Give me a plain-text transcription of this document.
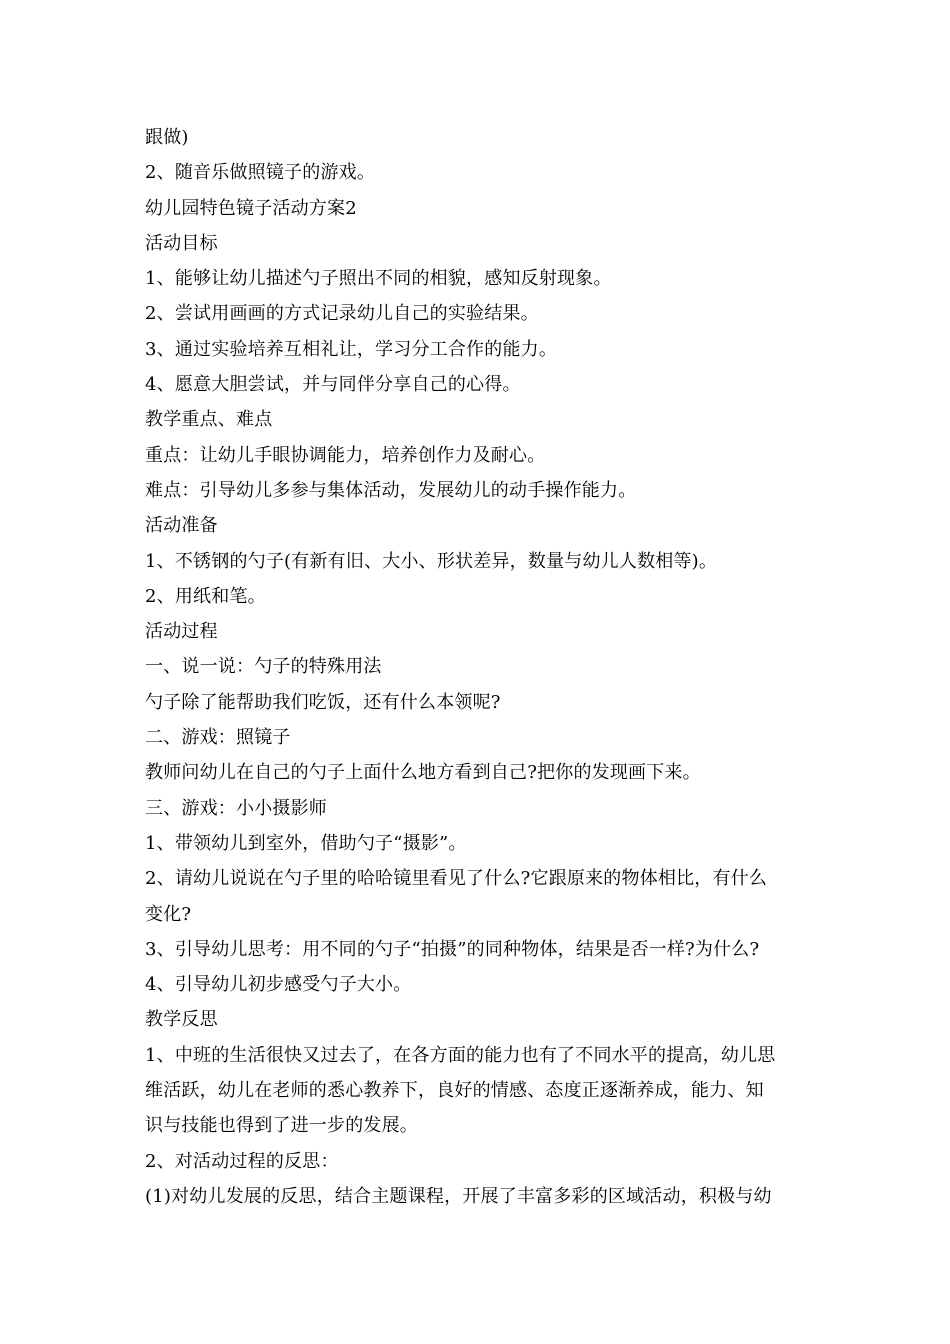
跟做)
2、随音乐做照镜子的游戏。
幼儿园特色镜子活动方案2
活动目标
1、能够让幼儿描述勺子照出不同的相貌，感知反射现象。
2、尝试用画画的方式记录幼儿自己的实验结果。
3、通过实验培养互相礼让，学习分工合作的能力。
4、愿意大胆尝试，并与同伴分享自己的心得。
教学重点、难点
重点：让幼儿手眼协调能力，培养创作力及耐心。
难点：引导幼儿多参与集体活动，发展幼儿的动手操作能力。
活动准备
1、不锈钢的勺子(有新有旧、大小、形状差异，数量与幼儿人数相等)。
2、用纸和笔。
活动过程
一、说一说：勺子的特殊用法
勺子除了能帮助我们吃饭，还有什么本领呢?
二、游戏：照镜子
教师问幼儿在自己的勺子上面什么地方看到自己?把你的发现画下来。
三、游戏：小小摄影师
1、带领幼儿到室外，借助勺子“摄影”。
2、请幼儿说说在勺子里的哈哈镜里看见了什么?它跟原来的物体相比，有什么
变化?
3、引导幼儿思考：用不同的勺子“拍摄”的同种物体，结果是否一样?为什么?
4、引导幼儿初步感受勺子大小。
教学反思
1、中班的生活很快又过去了，在各方面的能力也有了不同水平的提高，幼儿思
维活跃，幼儿在老师的悉心教养下，良好的情感、态度正逐渐养成，能力、知
识与技能也得到了进一步的发展。
2、对活动过程的反思：
(1)对幼儿发展的反思，结合主题课程，开展了丰富多彩的区域活动，积极与幼
